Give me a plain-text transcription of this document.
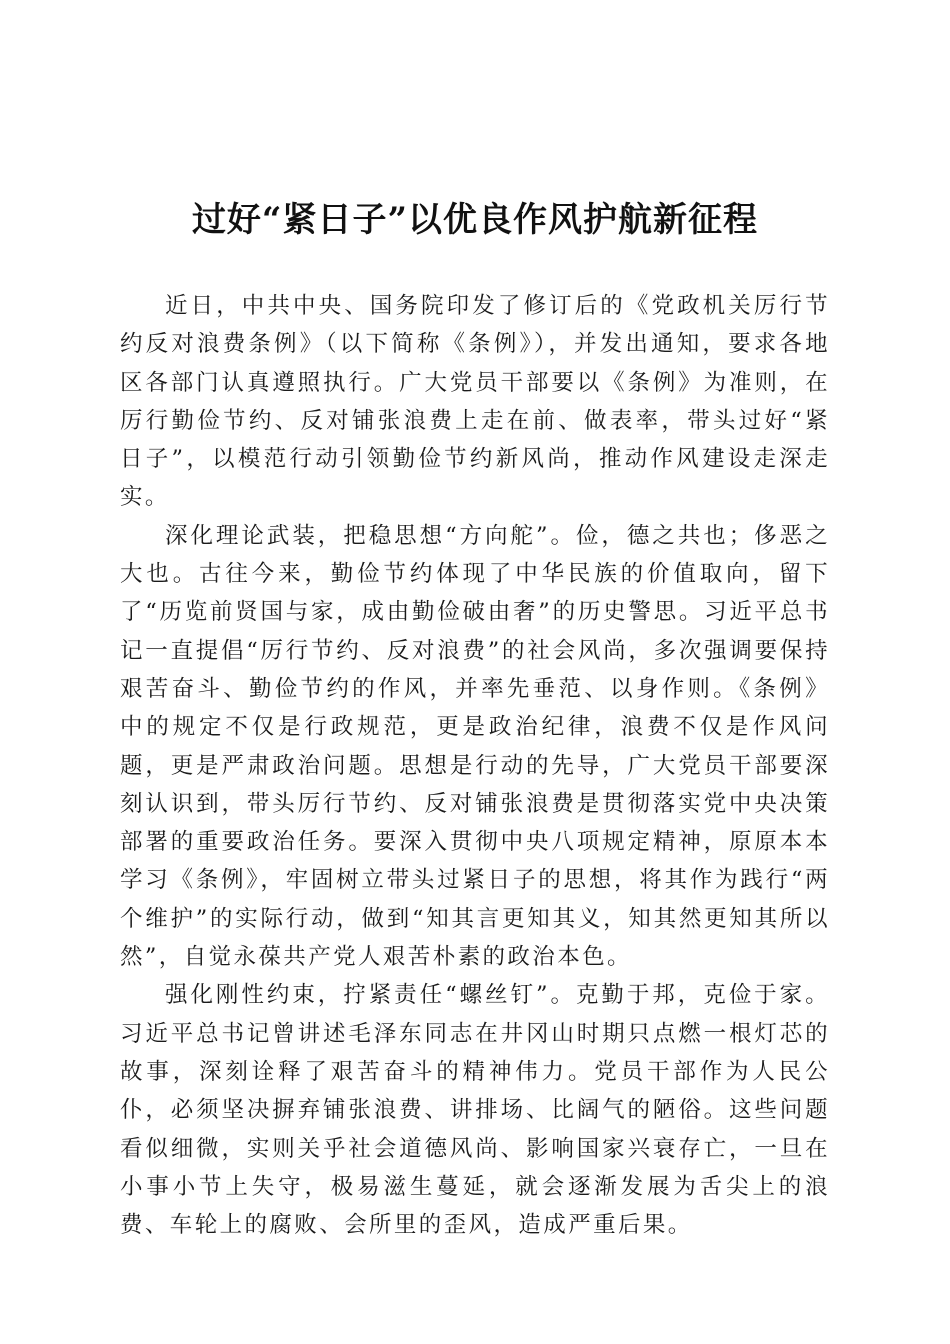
过好“紧日子”以优良作风护航新征程

近日，中共中央、国务院印发了修订后的《党政机关厉行节约反对浪费条例》（以下简称《条例》），并发出通知，要求各地区各部门认真遵照执行。广大党员干部要以《条例》为准则，在厉行勤俭节约、反对铺张浪费上走在前、做表率，带头过好“紧日子”，以模范行动引领勤俭节约新风尚，推动作风建设走深走实。

深化理论武装，把稳思想“方向舵”。俭，德之共也；侈恶之大也。古往今来，勤俭节约体现了中华民族的价值取向，留下了“历览前贤国与家，成由勤俭破由奢”的历史警思。习近平总书记一直提倡“厉行节约、反对浪费”的社会风尚，多次强调要保持艰苦奋斗、勤俭节约的作风，并率先垂范、以身作则。《条例》中的规定不仅是行政规范，更是政治纪律，浪费不仅是作风问题，更是严肃政治问题。思想是行动的先导，广大党员干部要深刻认识到，带头厉行节约、反对铺张浪费是贯彻落实党中央决策部署的重要政治任务。要深入贯彻中央八项规定精神，原原本本学习《条例》，牢固树立带头过紧日子的思想，将其作为践行“两个维护”的实际行动，做到“知其言更知其义，知其然更知其所以然”，自觉永葆共产党人艰苦朴素的政治本色。

强化刚性约束，拧紧责任“螺丝钉”。克勤于邦，克俭于家。习近平总书记曾讲述毛泽东同志在井冈山时期只点燃一根灯芯的故事，深刻诠释了艰苦奋斗的精神伟力。党员干部作为人民公仆，必须坚决摒弃铺张浪费、讲排场、比阔气的陋俗。这些问题看似细微，实则关乎社会道德风尚、影响国家兴衰存亡，一旦在小事小节上失守，极易滋生蔓延，就会逐渐发展为舌尖上的浪费、车轮上的腐败、会所里的歪风，造成严重后果。
